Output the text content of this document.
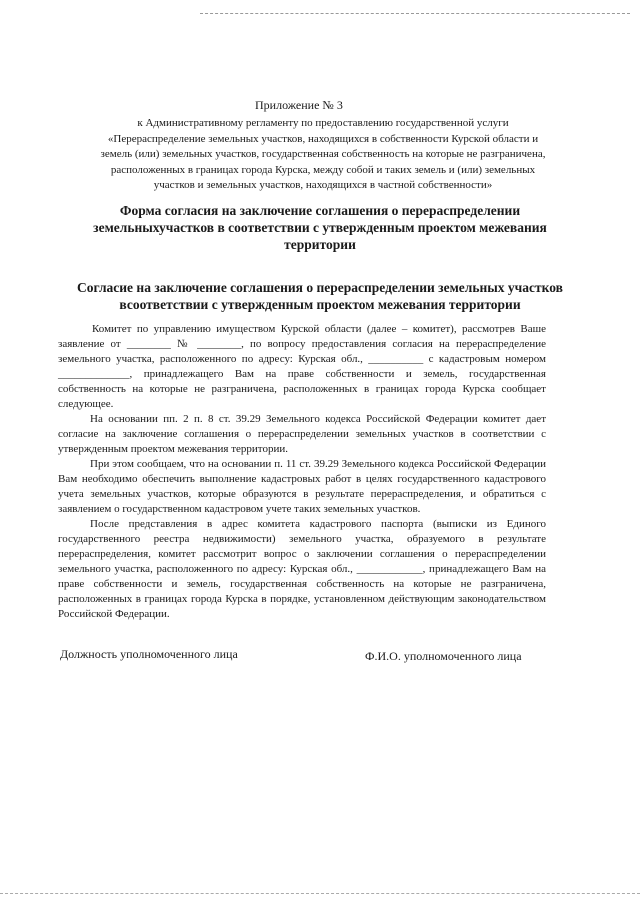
Приложение № 3
к Административному регламенту по предоставлению государственной услуги
«Перераспределение земельных участков, находящихся в собственности Курской области и
земель (или) земельных участков, государственная собственность на которые не разграничена,
расположенных в границах города Курска, между собой и таких земель и (или) земельных
участков и земельных участков, находящихся в частной собственности»
Форма согласия на заключение соглашения о перераспределении
земельныхучастков в соответствии с утвержденным проектом межевания
территории
Согласие на заключение соглашения о перераспределении земельных участков
всоответствии с утвержденным проектом межевания территории

Комитет по управлению имуществом Курской области (далее – комитет), рассмотрев Ваше заявление от ________ № ________, по вопросу предоставления согласия на перераспределение земельного участка, расположенного по адресу: Курская обл., __________ с кадастровым номером _____________, принадлежащего Вам на праве собственности и земель, государственная собственность на которые не разграничена, расположенных в границах города Курска сообщает следующее.

На основании пп. 2 п. 8 ст. 39.29 Земельного кодекса Российской Федерации комитет дает согласие на заключение соглашения о перераспределении земельных участков в соответствии с утвержденным проектом межевания территории.

При этом сообщаем, что на основании п. 11 ст. 39.29 Земельного кодекса Российской Федерации Вам необходимо обеспечить выполнение кадастровых работ в целях государственного кадастрового учета земельных участков, которые образуются в результате перераспределения, и обратиться с заявлением о государственном кадастровом учете таких земельных участков.

После представления в адрес комитета кадастрового паспорта (выписки из Единого государственного реестра недвижимости) земельного участка, образуемого в результате перераспределения, комитет рассмотрит вопрос о заключении соглашения о перераспределении земельного участка, расположенного по адресу: Курская обл., ____________, принадлежащего Вам на праве собственности и земель, государственная собственность на которые не разграничена, расположенных в границах города Курска в порядке, установленном действующим законодательством Российской Федерации.

Должность уполномоченного лица	Ф.И.О. уполномоченного лица
